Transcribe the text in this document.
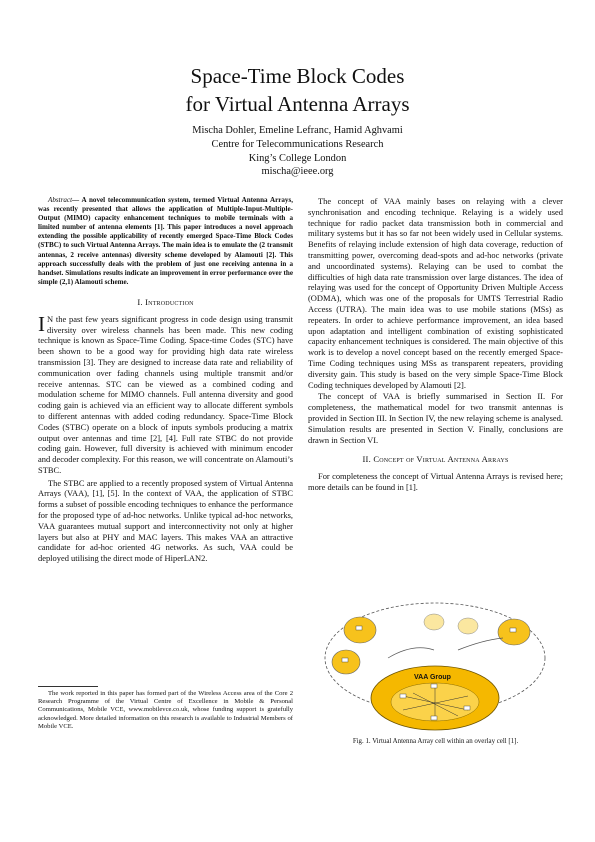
Space-Time Block Codes
for Virtual Antenna Arrays
Mischa Dohler, Emeline Lefranc, Hamid Aghvami
Centre for Telecommunications Research
King’s College London
mischa@ieee.org

Abstract— A novel telecommunication system, termed Virtual Antenna Arrays, was recently presented that allows the application of Multiple-Input-Multiple-Output (MIMO) capacity enhancement techniques to mobile terminals with a limited number of antenna elements [1]. This paper introduces a novel approach extending the possible applicability of recently emerged Space-Time Block Codes (STBC) to such Virtual Antenna Arrays. The main idea is to emulate the (2 transmit antennas, 2 receive antennas) diversity scheme developed by Alamouti [2]. This approach successfully deals with the problem of just one receiving antenna in a handset. Simulations results indicate an improvement in error performance over the simple (2,1) Alamouti scheme.

I. Introduction

I N the past few years significant progress in code design using transmit diversity over wireless channels has been made. This new coding technique is known as Space-Time Coding. Space-time Codes (STC) have been shown to be a good way for providing high data rate wireless transmission [3]. They are designed to increase data rate and reliability of communication over fading channels using multiple transmit and/or receive antennas. STC can be viewed as a combined coding and modulation scheme for MIMO channels. Full antenna diversity and good coding gain is achieved via an efficient way to allocate different symbols to different antennas with added coding redundancy. Space-Time Block Codes (STBC) operate on a block of inputs symbols producing a matrix output over antennas and time [2], [4]. Full rate STBC do not provide coding gain. However, full diversity is achieved with minimum encoder and decoder complexity. For this reason, we will concentrate on Alamouti’s STBC.

The STBC are applied to a recently proposed system of Virtual Antenna Arrays (VAA), [1], [5]. In the context of VAA, the application of STBC forms a subset of possible encoding techniques to enhance the performance for the proposed type of ad-hoc networks. Unlike typical ad-hoc networks, VAA guarantees mutual support and interconnectivity not only at higher layers but also at PHY and MAC layers. This makes VAA an attractive candidate for ad-hoc oriented 4G networks. As such, VAA could be deployed utilising the direct mode of HiperLAN2.

The work reported in this paper has formed part of the Wireless Access area of the Core 2 Research Programme of the Virtual Centre of Excellence in Mobile & Personal Communications, Mobile VCE, www.mobilevce.co.uk, whose funding support is gratefully acknowledged. More detailed information on this research is available to Industrial Members of Mobile VCE.

The concept of VAA mainly bases on relaying with a clever synchronisation and encoding technique. Relaying is a widely used technique for radio packet data transmission both in commercial and military systems but it has so far not been widely used in Cellular systems. Benefits of relaying include extension of high data coverage, reduction of transmitting power, overcoming dead-spots and ad-hoc networks (private and uncoordinated systems). Relaying can be used to combat the difficulties of high data rate transmission over large distances. The idea of relaying was used for the concept of Opportunity Driven Multiple Access (ODMA), which was one of the proposals for UMTS Terrestrial Radio Access (UTRA). The main idea was to use mobile stations (MSs) as repeaters. In order to achieve performance improvement, an idea based upon adaptation and intelligent combination of existing sophisticated capacity enhancement techniques is considered. The main objective of this work is to develop a novel concept based on the recently emerged Space-Time Coding techniques using MSs as transparent repeaters, providing diversity gain. This study is based on the very simple Space-Time Block Coding techniques developed by Alamouti [2].

The concept of VAA is briefly summarised in Section II. For completeness, the mathematical model for two transmit antennas is provided in Section III. In Section IV, the new relaying scheme is analysed. Simulation results are presented in Section V. Finally, conclusions are drawn in Section VI.

II. Concept of Virtual Antenna Arrays

For completeness the concept of Virtual Antenna Arrays is revised here; more details can be found in [1].

VAA Group
Fig. 1. Virtual Antenna Array cell within an overlay cell [1].
